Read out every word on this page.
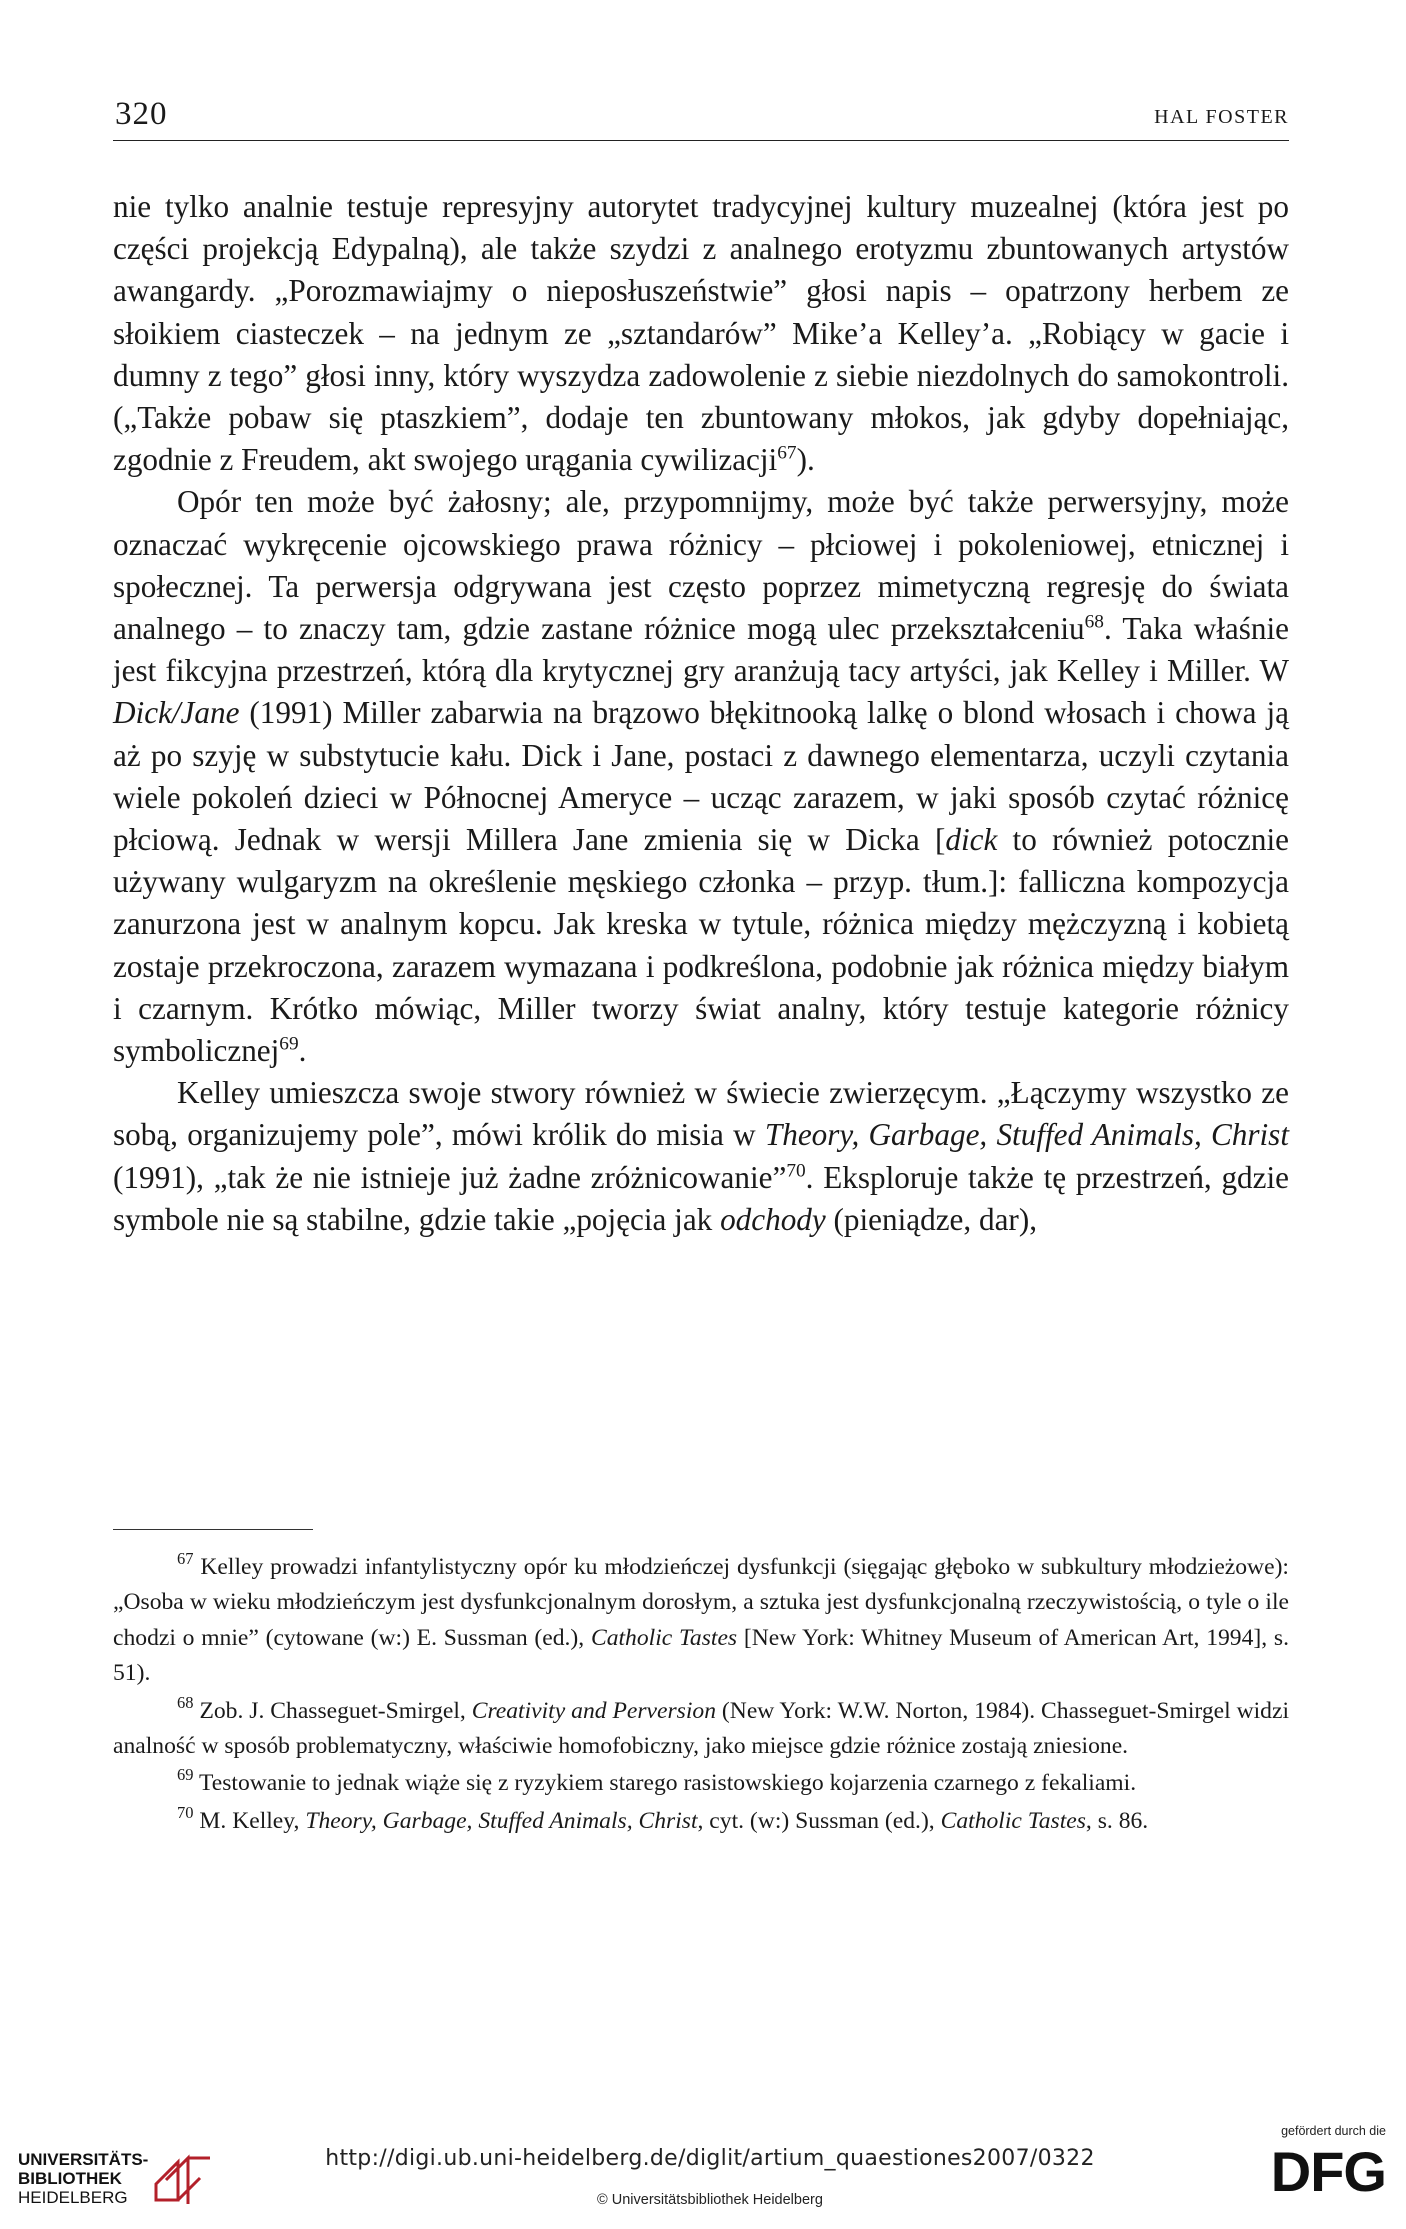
320	HAL FOSTER

nie tylko analnie testuje represyjny autorytet tradycyjnej kultury muzealnej (która jest po części projekcją Edypalną), ale także szydzi z analnego erotyzmu zbuntowanych artystów awangardy. „Porozmawiajmy o nieposłuszeństwie” głosi napis – opatrzony herbem ze słoikiem ciasteczek – na jednym ze „sztandarów” Mike’a Kelley’a. „Robiący w gacie i dumny z tego” głosi inny, który wyszydza zadowolenie z siebie niezdolnych do samokontroli. („Także pobaw się ptaszkiem”, dodaje ten zbuntowany młokos, jak gdyby dopełniając, zgodnie z Freudem, akt swojego urągania cywilizacji$^{67}$).

Opór ten może być żałosny; ale, przypomnijmy, może być także perwersyjny, może oznaczać wykręcenie ojcowskiego prawa różnicy – płciowej i pokoleniowej, etnicznej i społecznej. Ta perwersja odgrywana jest często poprzez mimetyczną regresję do świata analnego – to znaczy tam, gdzie zastane różnice mogą ulec przekształceniu$^{68}$. Taka właśnie jest fikcyjna przestrzeń, którą dla krytycznej gry aranżują tacy artyści, jak Kelley i Miller. W Dick/Jane (1991) Miller zabarwia na brązowo błękitnooką lalkę o blond włosach i chowa ją aż po szyję w substytucie kału. Dick i Jane, postaci z dawnego elementarza, uczyli czytania wiele pokoleń dzieci w Północnej Ameryce – ucząc zarazem, w jaki sposób czytać różnicę płciową. Jednak w wersji Millera Jane zmienia się w Dicka [dick to również potocznie używany wulgaryzm na określenie męskiego członka – przyp. tłum.]: falliczna kompozycja zanurzona jest w analnym kopcu. Jak kreska w tytule, różnica między mężczyzną i kobietą zostaje przekroczona, zarazem wymazana i podkreślona, podobnie jak różnica między białym i czarnym. Krótko mówiąc, Miller tworzy świat analny, który testuje kategorie różnicy symbolicznej$^{69}$.

Kelley umieszcza swoje stwory również w świecie zwierzęcym. „Łączymy wszystko ze sobą, organizujemy pole”, mówi królik do misia w Theory, Garbage, Stuffed Animals, Christ (1991), „tak że nie istnieje już żadne zróżnicowanie”$^{70}$. Eksploruje także tę przestrzeń, gdzie symbole nie są stabilne, gdzie takie „pojęcia jak odchody (pieniądze, dar),

$^{67}$ Kelley prowadzi infantylistyczny opór ku młodzieńczej dysfunkcji (sięgając głęboko w subkultury młodzieżowe): „Osoba w wieku młodzieńczym jest dysfunkcjonalnym dorosłym, a sztuka jest dysfunkcjonalną rzeczywistością, o tyle o ile chodzi o mnie” (cytowane (w:) E. Sussman (ed.), Catholic Tastes [New York: Whitney Museum of American Art, 1994], s. 51).

$^{68}$ Zob. J. Chasseguet-Smirgel, Creativity and Perversion (New York: W.W. Norton, 1984). Chasseguet-Smirgel widzi analność w sposób problematyczny, właściwie homofobiczny, jako miejsce gdzie różnice zostają zniesione.

$^{69}$ Testowanie to jednak wiąże się z ryzykiem starego rasistowskiego kojarzenia czarnego z fekaliami.

$^{70}$ M. Kelley, Theory, Garbage, Stuffed Animals, Christ, cyt. (w:) Sussman (ed.), Catholic Tastes, s. 86.

UNIVERSITÄTS-
BIBLIOTHEK
HEIDELBERG
http://digi.ub.uni-heidelberg.de/diglit/artium_quaestiones2007/0322
© Universitätsbibliothek Heidelberg
gefördert durch die
DFG
